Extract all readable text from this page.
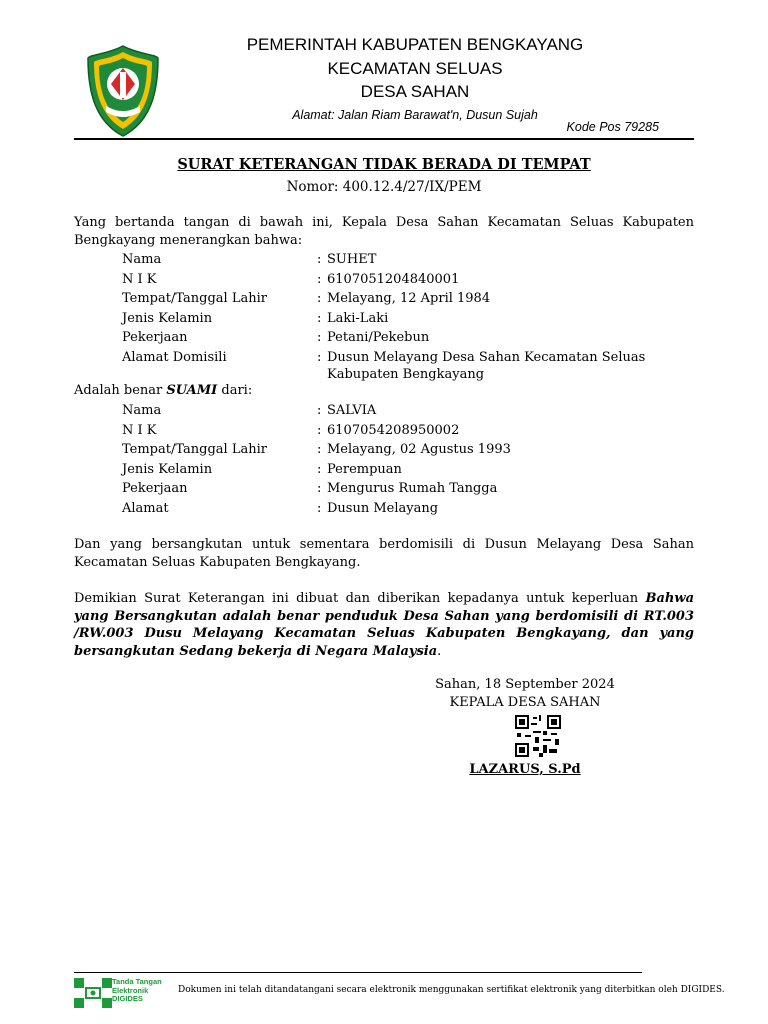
PEMERINTAH KABUPATEN BENGKAYANG
KECAMATAN SELUAS
DESA SAHAN
Alamat: Jalan Riam Barawat'n, Dusun Sujah
Kode Pos 79285
SURAT KETERANGAN TIDAK BERADA DI TEMPAT
Nomor: 400.12.4/27/IX/PEM
Yang bertanda tangan di bawah ini, Kepala Desa Sahan Kecamatan Seluas Kabupaten Bengkayang menerangkan bahwa:
Nama	: SUHET
N I K	: 6107051204840001
Tempat/Tanggal Lahir	: Melayang, 12 April 1984
Jenis Kelamin	: Laki-Laki
Pekerjaan	: Petani/Pekebun
Alamat Domisili	: Dusun Melayang Desa Sahan Kecamatan Seluas Kabupaten Bengkayang
Adalah benar SUAMI dari:
Nama	: SALVIA
N I K	: 6107054208950002
Tempat/Tanggal Lahir	: Melayang, 02 Agustus 1993
Jenis Kelamin	: Perempuan
Pekerjaan	: Mengurus Rumah Tangga
Alamat	: Dusun Melayang
Dan yang bersangkutan untuk sementara berdomisili di Dusun Melayang Desa Sahan Kecamatan Seluas Kabupaten Bengkayang.
Demikian Surat Keterangan ini dibuat dan diberikan kepadanya untuk keperluan Bahwa yang Bersangkutan adalah benar penduduk Desa Sahan yang berdomisili di RT.003 /RW.003 Dusu Melayang Kecamatan Seluas Kabupaten Bengkayang, dan yang bersangkutan Sedang bekerja di Negara Malaysia.
Sahan, 18 September 2024
KEPALA DESA SAHAN
LAZARUS, S.Pd
Tanda Tangan
Elektronik
DIGIDES
Dokumen ini telah ditandatangani secara elektronik menggunakan sertifikat elektronik yang diterbitkan oleh DIGIDES.
